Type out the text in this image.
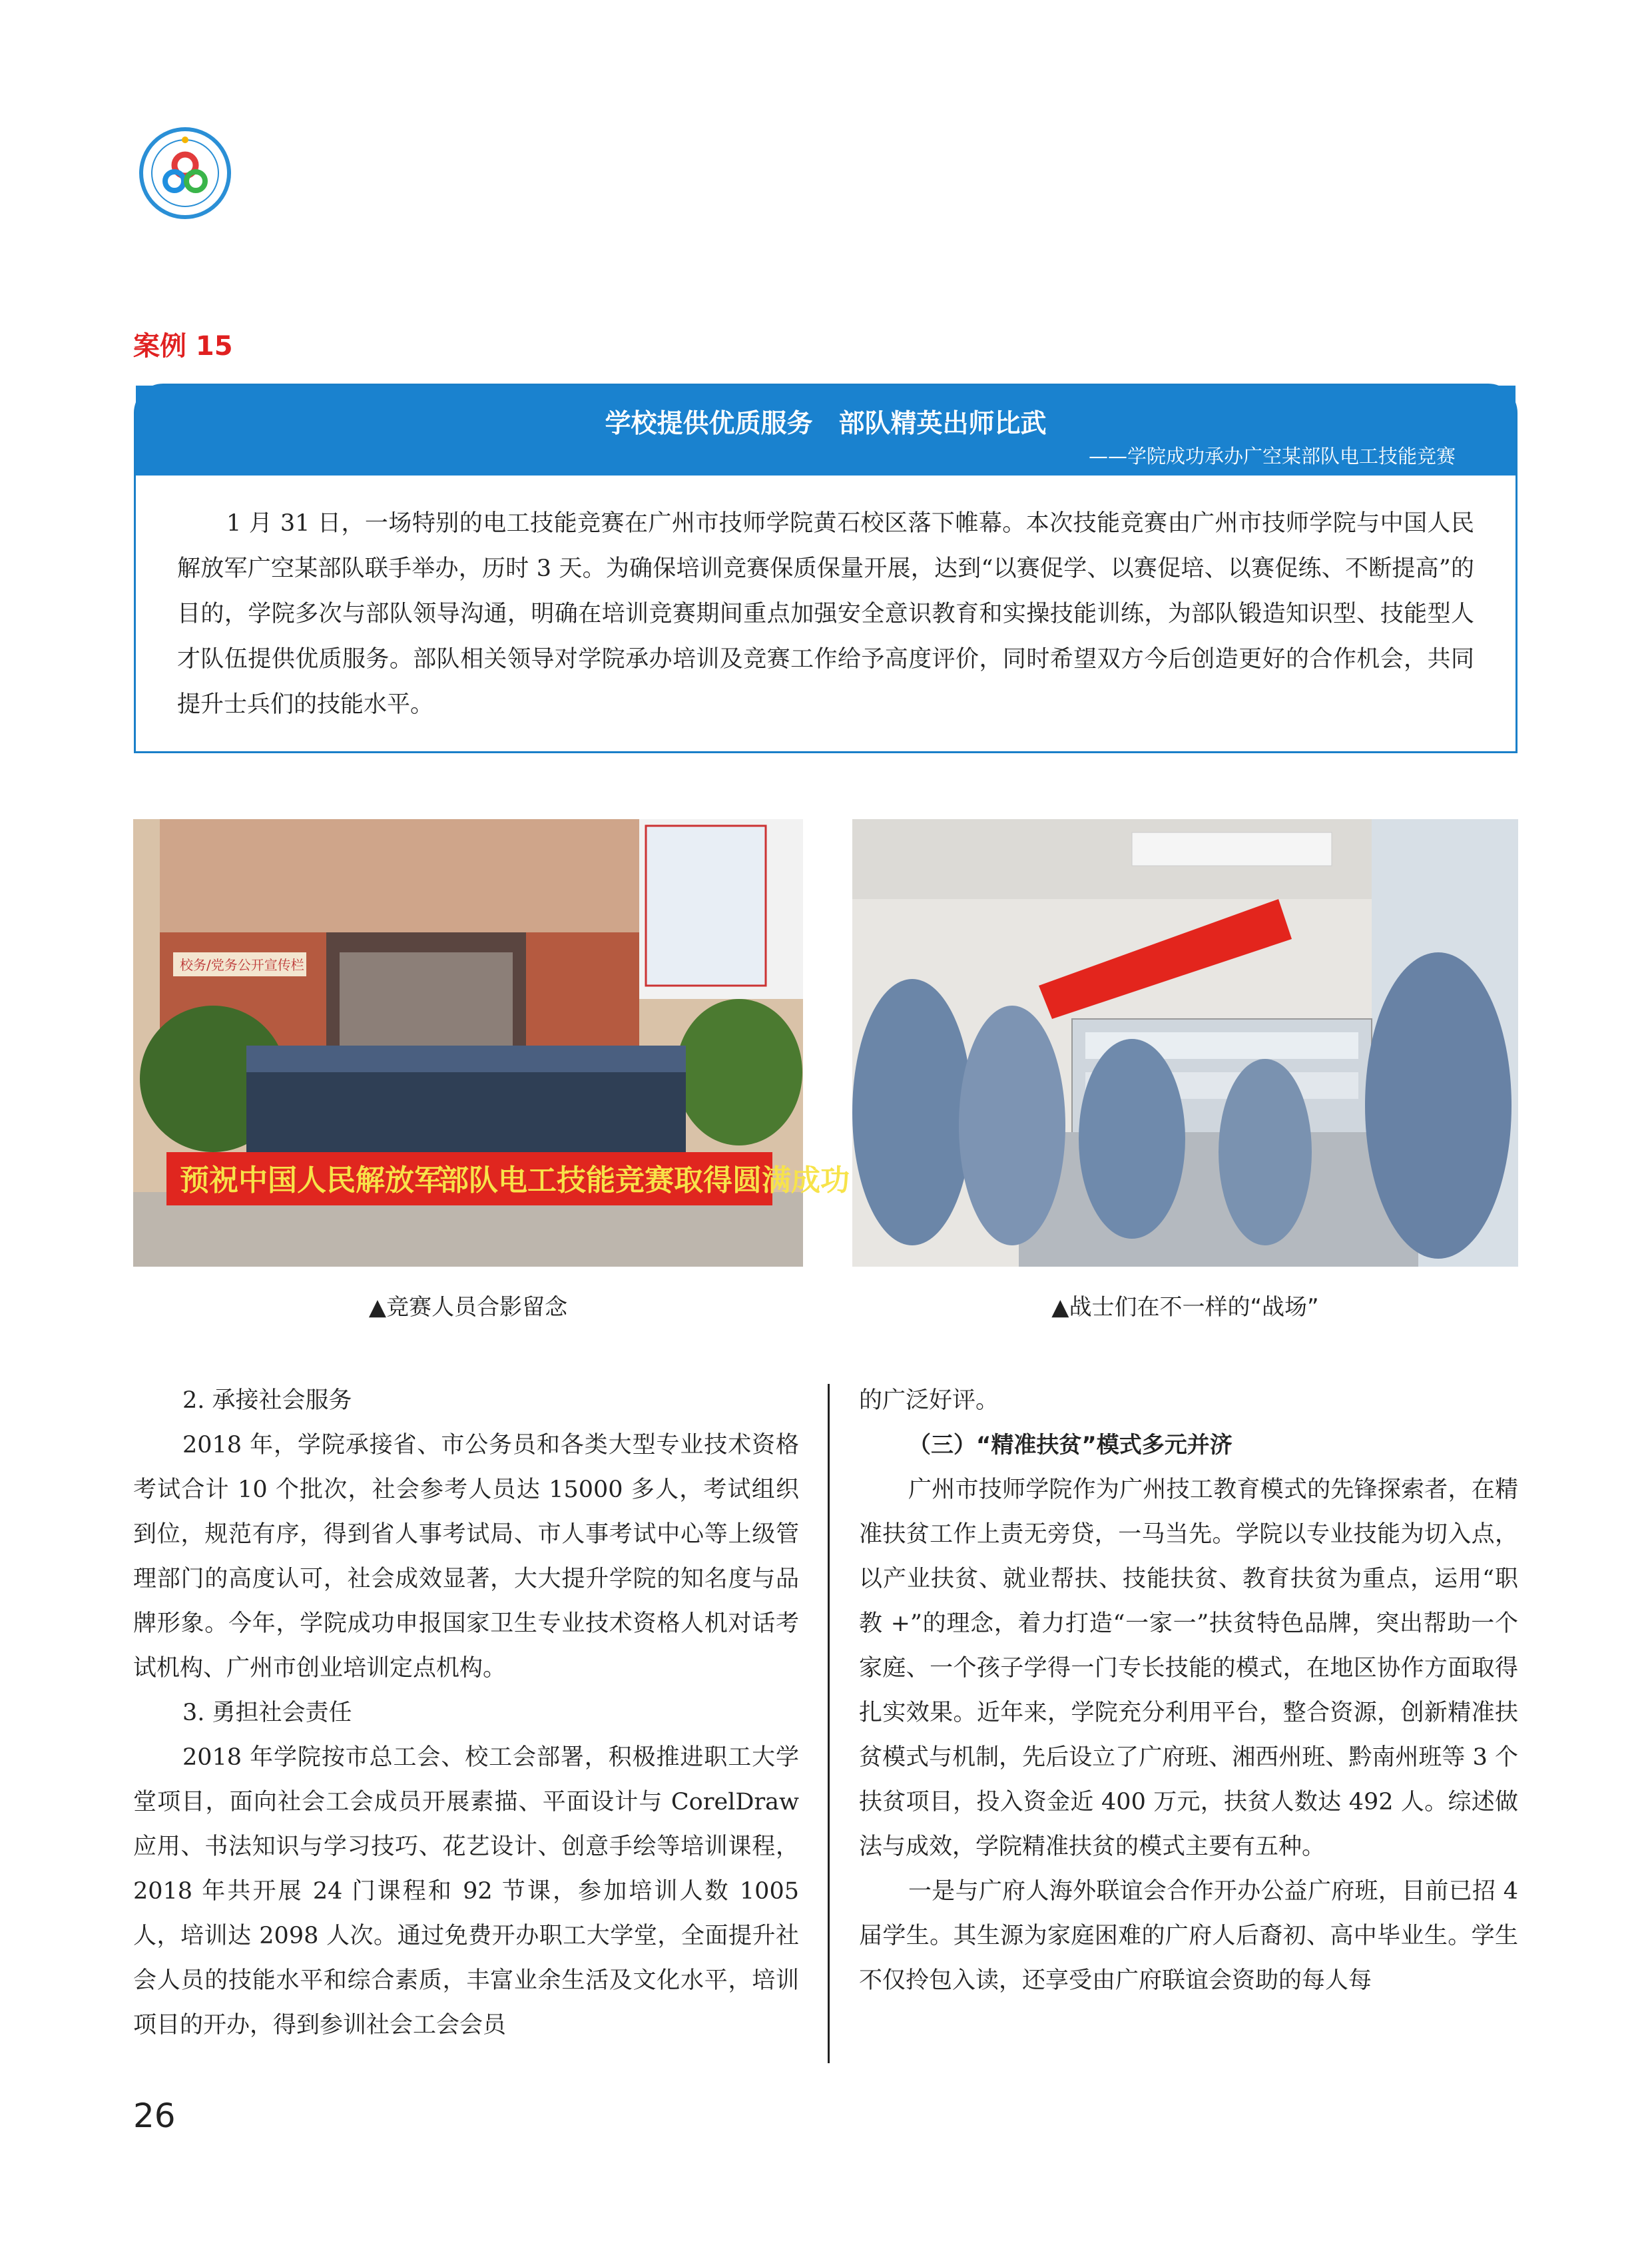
案例 15
学校提供优质服务　部队精英出师比武
——学院成功承办广空某部队电工技能竞赛

1 月 31 日，一场特别的电工技能竞赛在广州市技师学院黄石校区落下帷幕。本次技能竞赛由广州市技师学院与中国人民解放军广空某部队联手举办，历时 3 天。为确保培训竞赛保质保量开展，达到“以赛促学、以赛促培、以赛促练、不断提高”的目的，学院多次与部队领导沟通，明确在培训竞赛期间重点加强安全意识教育和实操技能训练，为部队锻造知识型、技能型人才队伍提供优质服务。部队相关领导对学院承办培训及竞赛工作给予高度评价，同时希望双方今后创造更好的合作机会，共同提升士兵们的技能水平。

校务/党务公开宣传栏
预祝中国人民解放军
部队电工技能竞赛取得圆满成功
▲竞赛人员合影留念	▲战士们在不一样的“战场”

2. 承接社会服务

2018 年，学院承接省、市公务员和各类大型专业技术资格考试合计 10 个批次，社会参考人员达 15000 多人，考试组织到位，规范有序，得到省人事考试局、市人事考试中心等上级管理部门的高度认可，社会成效显著，大大提升学院的知名度与品牌形象。今年，学院成功申报国家卫生专业技术资格人机对话考试机构、广州市创业培训定点机构。

3. 勇担社会责任

2018 年学院按市总工会、校工会部署，积极推进职工大学堂项目，面向社会工会成员开展素描、平面设计与 CorelDraw 应用、书法知识与学习技巧、花艺设计、创意手绘等培训课程，2018 年共开展 24 门课程和 92 节课，参加培训人数 1005 人，培训达 2098 人次。通过免费开办职工大学堂，全面提升社会人员的技能水平和综合素质，丰富业余生活及文化水平，培训项目的开办，得到参训社会工会会员

的广泛好评。

（三）“精准扶贫”模式多元并济

广州市技师学院作为广州技工教育模式的先锋探索者，在精准扶贫工作上责无旁贷，一马当先。学院以专业技能为切入点，以产业扶贫、就业帮扶、技能扶贫、教育扶贫为重点，运用“职教 +”的理念，着力打造“一家一”扶贫特色品牌，突出帮助一个家庭、一个孩子学得一门专长技能的模式，在地区协作方面取得扎实效果。近年来，学院充分利用平台，整合资源，创新精准扶贫模式与机制，先后设立了广府班、湘西州班、黔南州班等 3 个扶贫项目，投入资金近 400 万元，扶贫人数达 492 人。综述做法与成效，学院精准扶贫的模式主要有五种。

一是与广府人海外联谊会合作开办公益广府班，目前已招 4 届学生。其生源为家庭困难的广府人后裔初、高中毕业生。学生不仅拎包入读，还享受由广府联谊会资助的每人每

26
